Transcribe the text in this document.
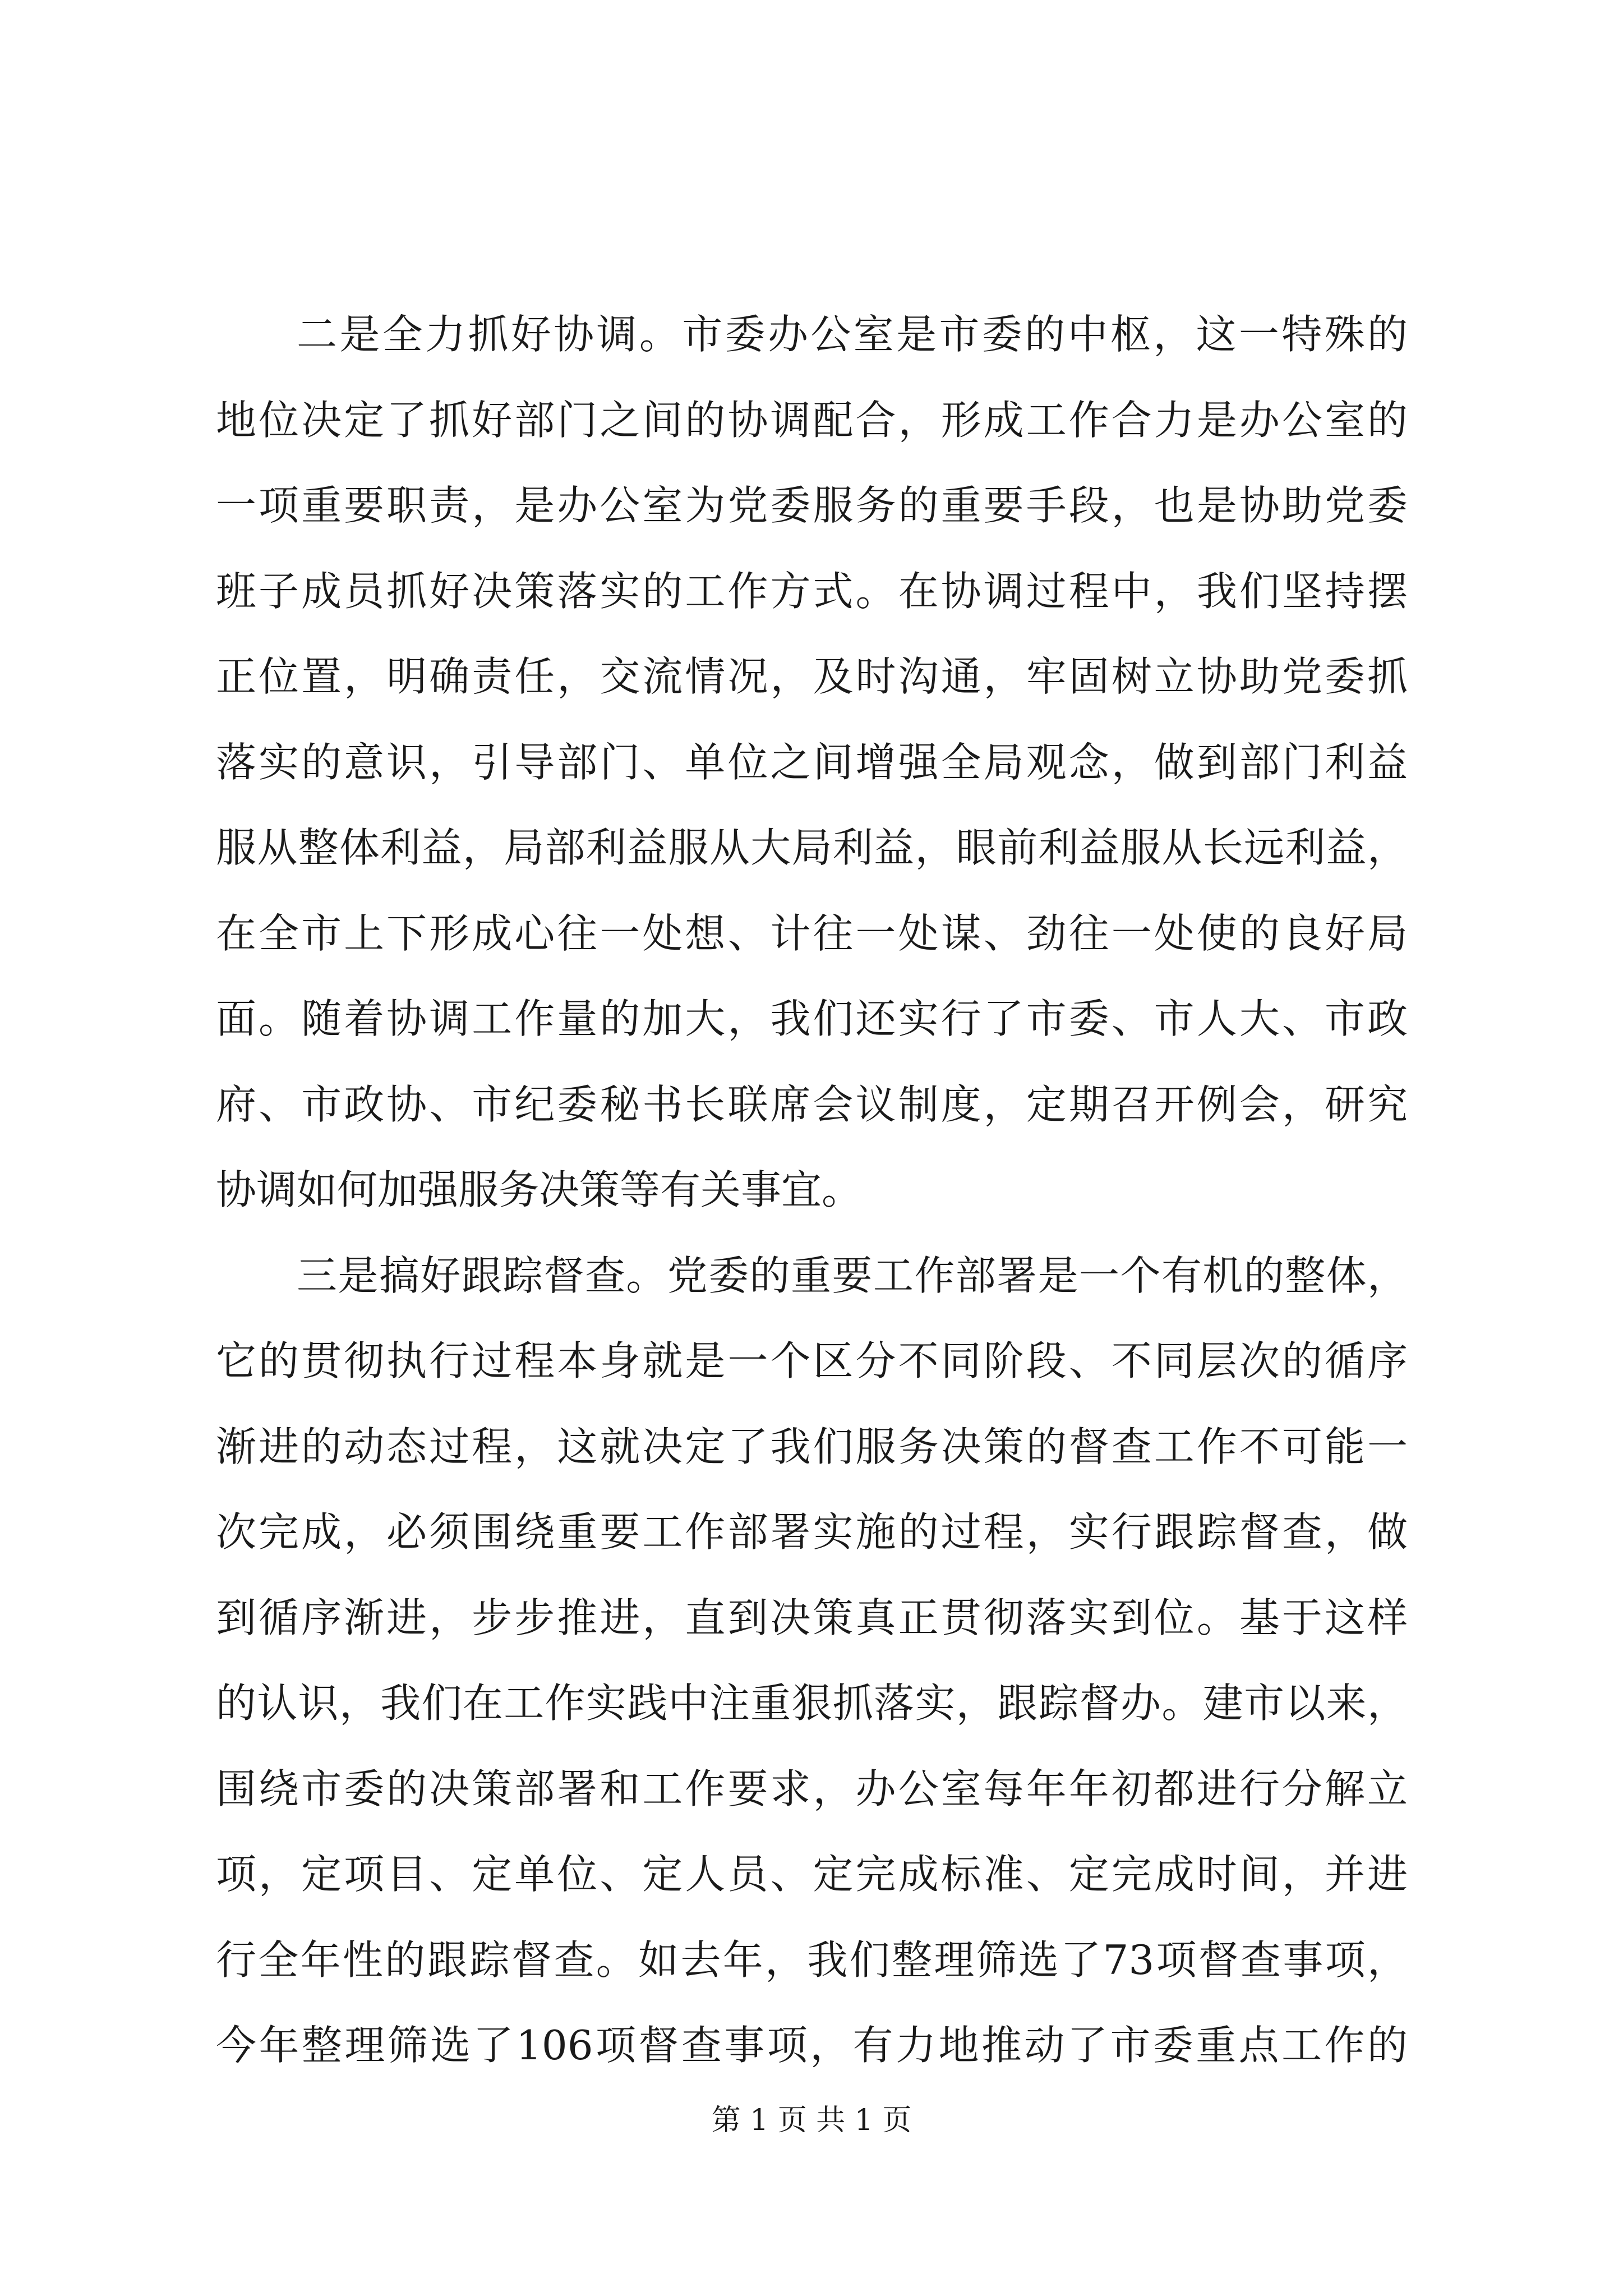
二是全力抓好协调。市委办公室是市委的中枢，这一特殊的
地位决定了抓好部门之间的协调配合，形成工作合力是办公室的
一项重要职责，是办公室为党委服务的重要手段，也是协助党委
班子成员抓好决策落实的工作方式。在协调过程中，我们坚持摆
正位置，明确责任，交流情况，及时沟通，牢固树立协助党委抓
落实的意识，引导部门、单位之间增强全局观念，做到部门利益
服从整体利益，局部利益服从大局利益，眼前利益服从长远利益，
在全市上下形成心往一处想、计往一处谋、劲往一处使的良好局
面。随着协调工作量的加大，我们还实行了市委、市人大、市政
府、市政协、市纪委秘书长联席会议制度，定期召开例会，研究
协调如何加强服务决策等有关事宜。
三是搞好跟踪督查。党委的重要工作部署是一个有机的整体，
它的贯彻执行过程本身就是一个区分不同阶段、不同层次的循序
渐进的动态过程，这就决定了我们服务决策的督查工作不可能一
次完成，必须围绕重要工作部署实施的过程，实行跟踪督查，做
到循序渐进，步步推进，直到决策真正贯彻落实到位。基于这样
的认识，我们在工作实践中注重狠抓落实，跟踪督办。建市以来，
围绕市委的决策部署和工作要求，办公室每年年初都进行分解立
项，定项目、定单位、定人员、定完成标准、定完成时间，并进
行全年性的跟踪督查。如去年，我们整理筛选了73项督查事项，
今年整理筛选了106项督查事项，有力地推动了市委重点工作的
第 1 页 共 1 页
